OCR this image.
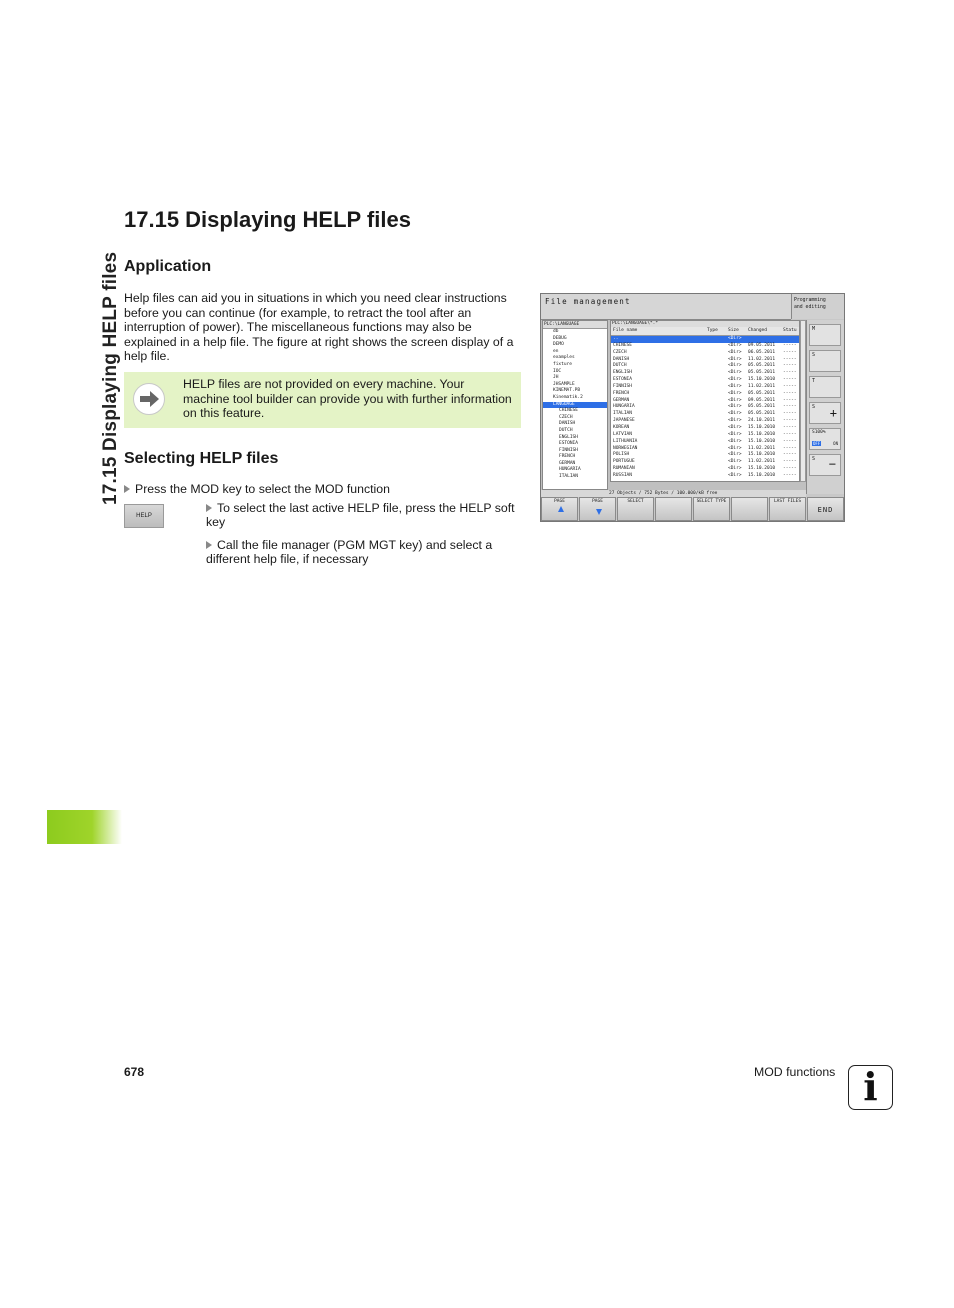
17.15 Displaying HELP files
17.15 Displaying HELP files
Application
Help files can aid you in situations in which you need clear instructions before you can continue (for example, to retract the tool after an interruption of power). The miscellaneous functions may also be explained in a help file. The figure at right shows the screen display of a help file.
HELP files are not provided on every machine. Your machine tool builder can provide you with further information on this feature.
Selecting HELP files
Press the MOD key to select the MOD function
HELP
To select the last active HELP file, press the HELP soft key
Call the file manager (PGM MGT key) and select a different help file, if necessary
File management	Programming
and editing
PLC:\LANGUAGE
db
DEBUG
DEMO
en
examples
fixture
IOC
JH
JHSAMPLE
KINEMAT.PB
Kinematik.2
LANGUAGE
CHINESE
CZECH
DANISH
DUTCH
ENGLISH
ESTONIA
FINNISH
FRENCH
GERMAN
HUNGARIA
ITALIAN
PLC:\LANGUAGE\*.*
File name	Type Size Changed	Statu
..	<Dir>
CHINESE	<Dir> 09.05.2011 -----
CZECH	<Dir> 06.05.2011 -----
DANISH	<Dir> 11.02.2011 -----
DUTCH	<Dir> 05.05.2011 -----
ENGLISH	<Dir> 05.05.2011 -----
ESTONIA	<Dir> 15.10.2010 -----
FINNISH	<Dir> 11.02.2011 -----
FRENCH	<Dir> 05.05.2011 -----
GERMAN	<Dir> 09.05.2011 -----
HUNGARIA	<Dir> 05.05.2011 -----
ITALIAN	<Dir> 05.05.2011 -----
JAPANESE	<Dir> 24.10.2011 -----
KOREAN	<Dir> 15.10.2010 -----
LATVIAN	<Dir> 15.10.2010 -----
LITHUANIA	<Dir> 15.10.2010 -----
NORWEGIAN	<Dir> 11.02.2011 -----
POLISH	<Dir> 15.10.2010 -----
PORTUGUE	<Dir> 11.02.2011 -----
RUMANIAN	<Dir> 15.10.2010 -----
RUSSIAN	<Dir> 15.10.2010 -----
27 Objects / 752 Bytes / 100.000/kB free
M
S
T
S +
S100%
OFF	ON
S −
PAGE	PAGE	SELECT	SELECT TYPE	LAST FILES
END
678	MOD functions i
